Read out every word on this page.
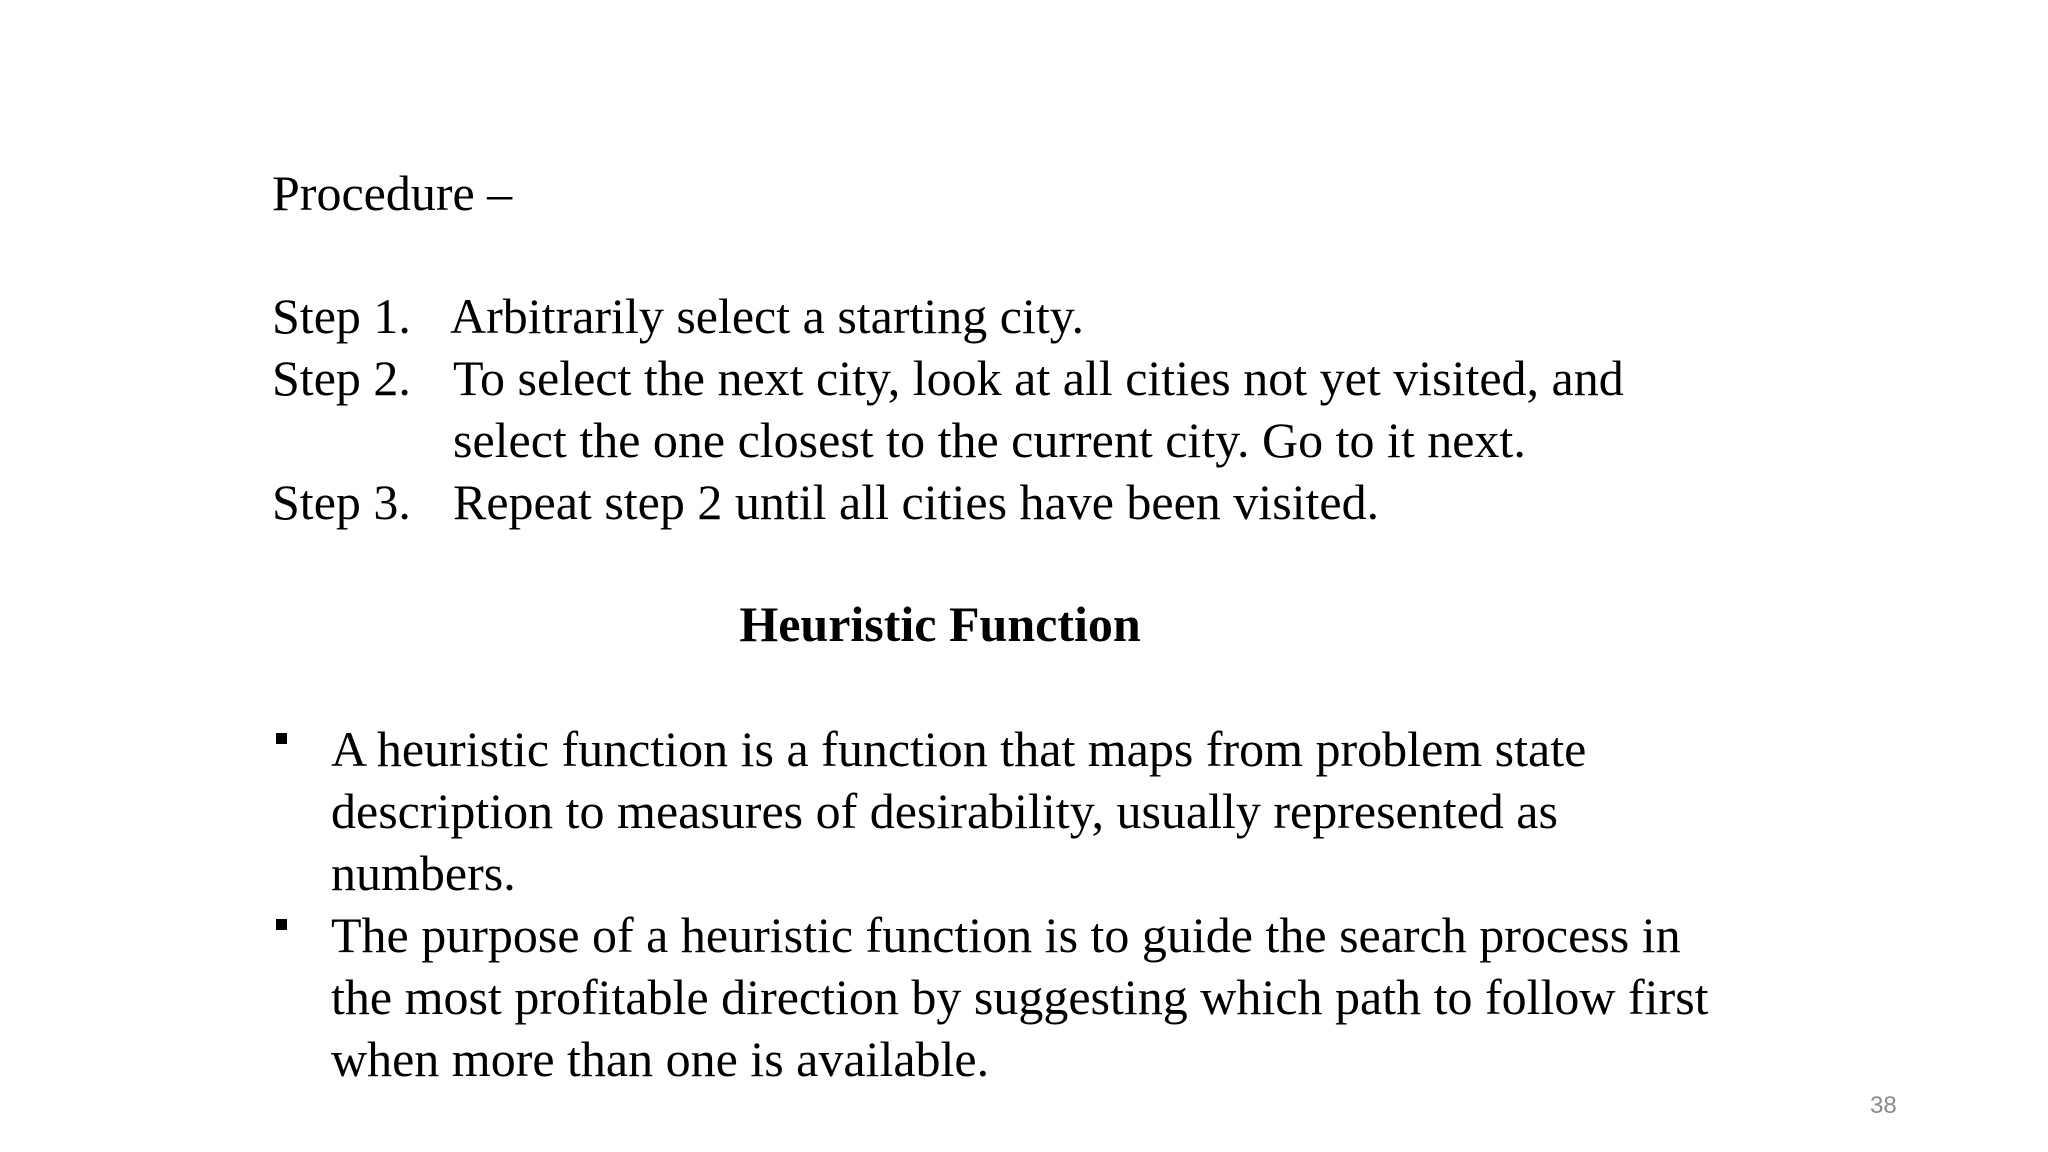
Procedure –
Step 1. Arbitrarily select a starting city.
Step 2. To select the next city, look at all cities not yet visited, and
select the one closest to the current city. Go to it next.
Step 3. Repeat step 2 until all cities have been visited.
Heuristic Function
A heuristic function is a function that maps from problem state
description to measures of desirability, usually represented as
numbers.
The purpose of a heuristic function is to guide the search process in
the most profitable direction by suggesting which path to follow first
when more than one is available.
38
